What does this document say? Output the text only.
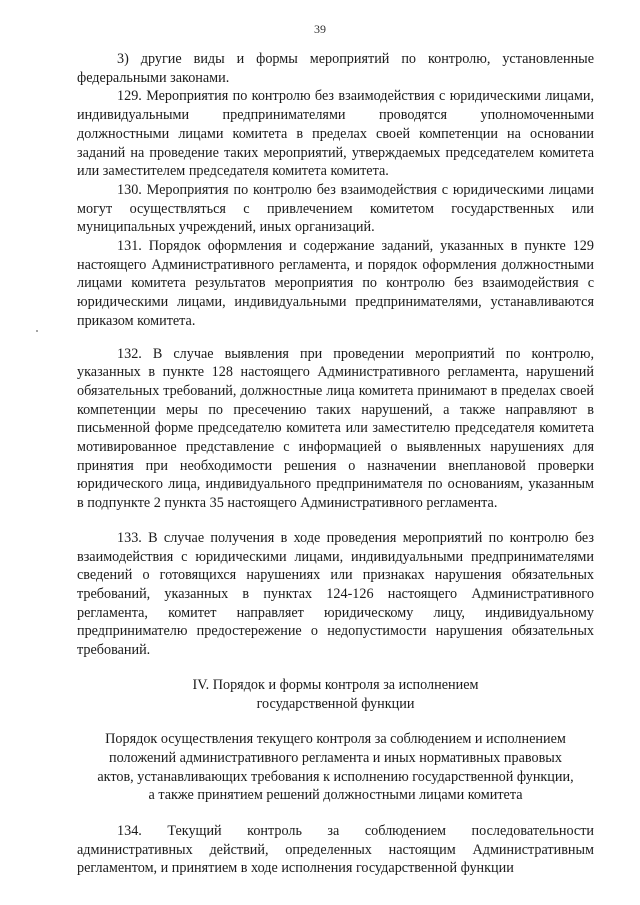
39

3) другие виды и формы мероприятий по контролю, установленные федеральными законами.

129. Мероприятия по контролю без взаимодействия с юридическими лицами, индивидуальными предпринимателями проводятся уполномоченными должностными лицами комитета в пределах своей компетенции на основании заданий на проведение таких мероприятий, утверждаемых председателем комитета или заместителем председателя комитета комитета.

130. Мероприятия по контролю без взаимодействия с юридическими лицами могут осуществляться с привлечением комитетом государственных или муниципальных учреждений, иных организаций.

131. Порядок оформления и содержание заданий, указанных в пункте 129 настоящего Административного регламента, и порядок оформления должностными лицами комитета результатов мероприятия по контролю без взаимодействия с юридическими лицами, индивидуальными предпринимателями, устанавливаются приказом комитета.

132. В случае выявления при проведении мероприятий по контролю, указанных в пункте 128 настоящего Административного регламента, нарушений обязательных требований, должностные лица комитета принимают в пределах своей компетенции меры по пресечению таких нарушений, а также направляют в письменной форме председателю комитета или заместителю председателя комитета мотивированное представление с информацией о выявленных нарушениях для принятия при необходимости решения о назначении внеплановой проверки юридического лица, индивидуального предпринимателя по основаниям, указанным в подпункте 2 пункта 35 настоящего Административного регламента.

133. В случае получения в ходе проведения мероприятий по контролю без взаимодействия с юридическими лицами, индивидуальными предпринимателями сведений о готовящихся нарушениях или признаках нарушения обязательных требований, указанных в пунктах 124-126 настоящего Административного регламента, комитет направляет юридическому лицу, индивидуальному предпринимателю предостережение о недопустимости нарушения обязательных требований.

IV. Порядок и формы контроля за исполнением
государственной функции
Порядок осуществления текущего контроля за соблюдением и исполнением
положений административного регламента и иных нормативных правовых
актов, устанавливающих требования к исполнению государственной функции,
а также принятием решений должностными лицами комитета

134. Текущий контроль за соблюдением последовательности административных действий, определенных настоящим Административным регламентом, и принятием в ходе исполнения государственной функции
